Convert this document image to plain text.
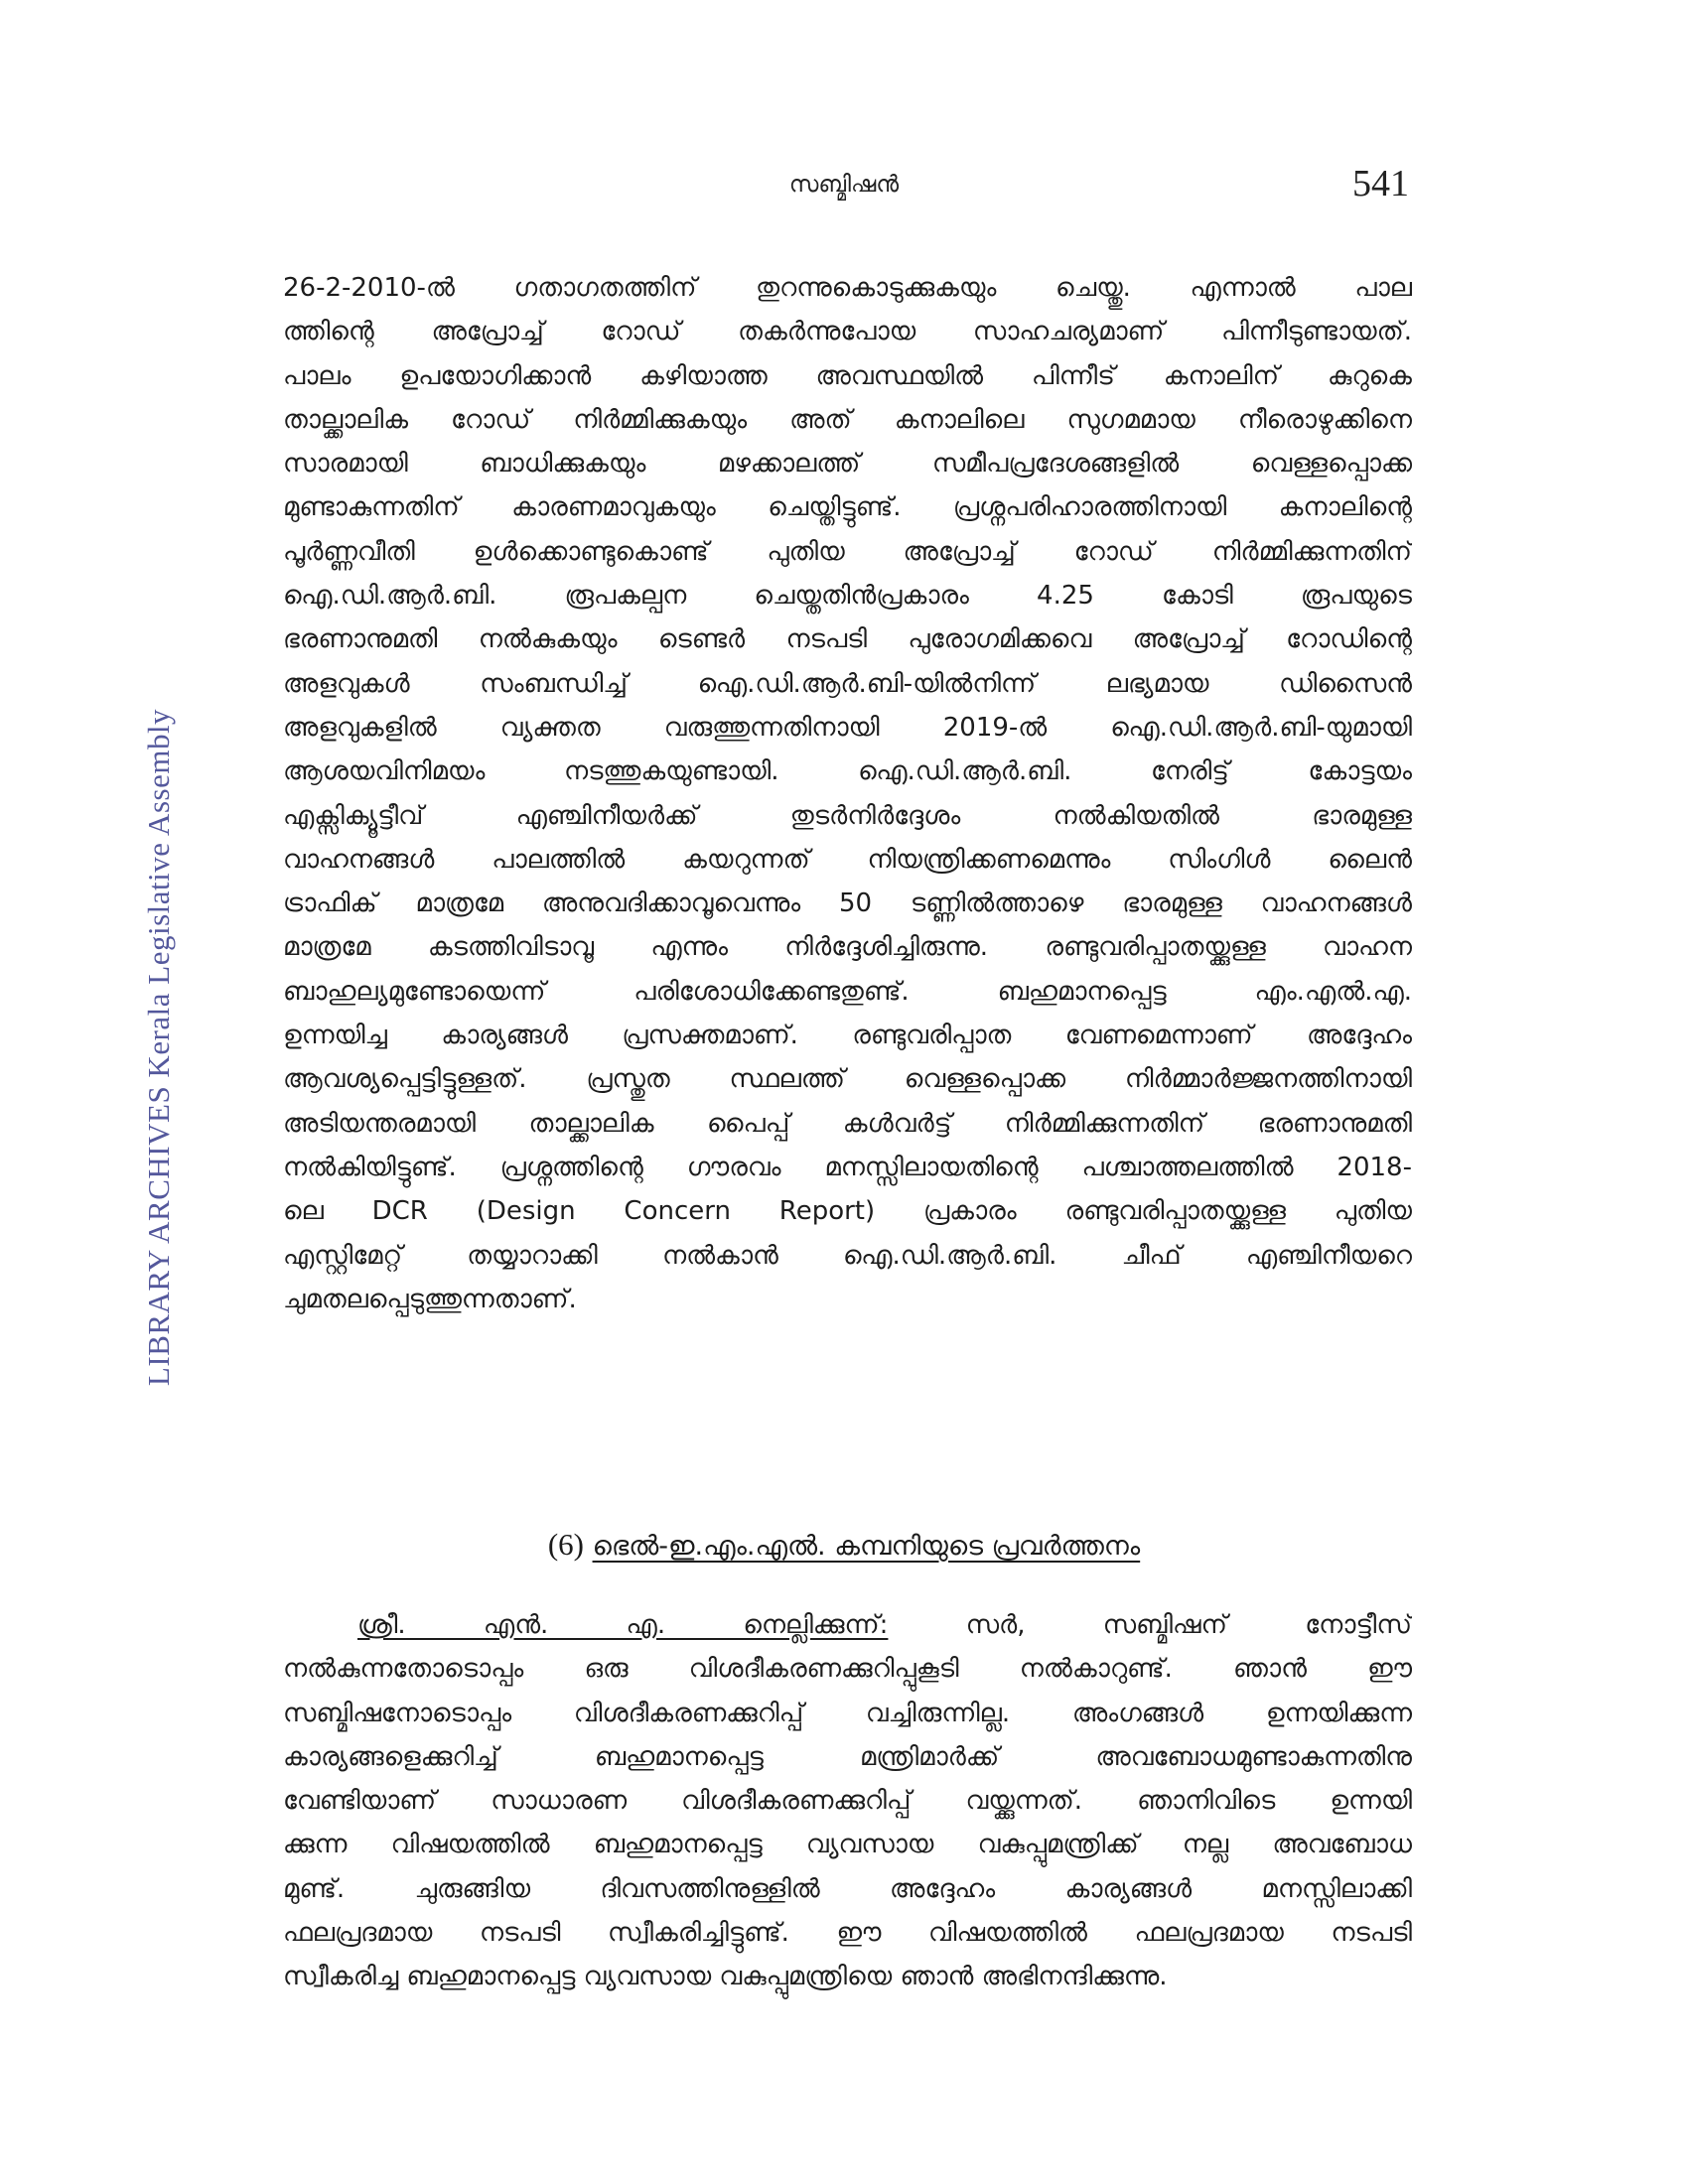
സബ്മിഷൻ	541
LIBRARY ARCHIVES Kerala Legislative Assembly
26-2-2010-ൽ ഗതാഗതത്തിന് തുറന്നുകൊടുക്കുകയും ചെയ്തു. എന്നാൽ പാല
ത്തിന്റെ അപ്രോച്ച് റോഡ് തകർന്നുപോയ സാഹചര്യമാണ് പിന്നീടുണ്ടായത്.
പാലം ഉപയോഗിക്കാൻ കഴിയാത്ത അവസ്ഥയിൽ പിന്നീട് കനാലിന് കുറുകെ
താല്ക്കാലിക റോഡ് നിർമ്മിക്കുകയും അത് കനാലിലെ സുഗമമായ നീരൊഴുക്കിനെ
സാരമായി ബാധിക്കുകയും മഴക്കാലത്ത് സമീപപ്രദേശങ്ങളിൽ വെള്ളപ്പൊക്ക
മുണ്ടാകുന്നതിന് കാരണമാവുകയും ചെയ്തിട്ടുണ്ട്. പ്രശ്നപരിഹാരത്തിനായി കനാലിന്റെ
പൂർണ്ണവീതി ഉൾക്കൊണ്ടുകൊണ്ട് പുതിയ അപ്രോച്ച് റോഡ് നിർമ്മിക്കുന്നതിന്
ഐ.ഡി.ആർ.ബി. രൂപകല്പന ചെയ്തതിൻപ്രകാരം 4.25 കോടി രൂപയുടെ
ഭരണാനുമതി നൽകുകയും ടെണ്ടർ നടപടി പുരോഗമിക്കവെ അപ്രോച്ച് റോഡിന്റെ
അളവുകൾ സംബന്ധിച്ച് ഐ.ഡി.ആർ.ബി-യിൽനിന്ന് ലഭ്യമായ ഡിസൈൻ
അളവുകളിൽ വ്യക്തത വരുത്തുന്നതിനായി 2019-ൽ ഐ.ഡി.ആർ.ബി-യുമായി
ആശയവിനിമയം നടത്തുകയുണ്ടായി. ഐ.ഡി.ആർ.ബി. നേരിട്ട് കോട്ടയം
എക്സിക്യൂട്ടീവ് എഞ്ചിനീയർക്ക് തുടർനിർദ്ദേശം നൽകിയതിൽ ഭാരമുള്ള
വാഹനങ്ങൾ പാലത്തിൽ കയറുന്നത് നിയന്ത്രിക്കണമെന്നും സിംഗിൾ ലൈൻ
ട്രാഫിക് മാത്രമേ അനുവദിക്കാവൂവെന്നും 50 ടണ്ണിൽത്താഴെ ഭാരമുള്ള വാഹനങ്ങൾ
മാത്രമേ കടത്തിവിടാവൂ എന്നും നിർദ്ദേശിച്ചിരുന്നു. രണ്ടുവരിപ്പാതയ്ക്കുള്ള വാഹന
ബാഹുല്യമുണ്ടോയെന്ന് പരിശോധിക്കേണ്ടതുണ്ട്. ബഹുമാനപ്പെട്ട എം.എൽ.എ.
ഉന്നയിച്ച കാര്യങ്ങൾ പ്രസക്തമാണ്. രണ്ടുവരിപ്പാത വേണമെന്നാണ് അദ്ദേഹം
ആവശ്യപ്പെട്ടിട്ടുള്ളത്. പ്രസ്തുത സ്ഥലത്ത് വെള്ളപ്പൊക്ക നിർമ്മാർജ്ജനത്തിനായി
അടിയന്തരമായി താല്ക്കാലിക പൈപ്പ് കൾവർട്ട് നിർമ്മിക്കുന്നതിന് ഭരണാനുമതി
നൽകിയിട്ടുണ്ട്. പ്രശ്നത്തിന്റെ ഗൗരവം മനസ്സിലായതിന്റെ പശ്ചാത്തലത്തിൽ 2018-
ലെ DCR (Design Concern Report) പ്രകാരം രണ്ടുവരിപ്പാതയ്ക്കുള്ള പുതിയ
എസ്റ്റിമേറ്റ് തയ്യാറാക്കി നൽകാൻ ഐ.ഡി.ആർ.ബി. ചീഫ് എഞ്ചിനീയറെ
ചുമതലപ്പെടുത്തുന്നതാണ്.
(6) ഭെൽ-ഇ.എം.എൽ. കമ്പനിയുടെ പ്രവർത്തനം
ശ്രീ. എൻ. എ. നെല്ലിക്കുന്ന്:	സർ, സബ്മിഷന് നോട്ടീസ്
നൽകുന്നതോടൊപ്പം ഒരു വിശദീകരണക്കുറിപ്പുകൂടി നൽകാറുണ്ട്. ഞാൻ ഈ
സബ്മിഷനോടൊപ്പം വിശദീകരണക്കുറിപ്പ് വച്ചിരുന്നില്ല. അംഗങ്ങൾ ഉന്നയിക്കുന്ന
കാര്യങ്ങളെക്കുറിച്ച് ബഹുമാനപ്പെട്ട മന്ത്രിമാർക്ക് അവബോധമുണ്ടാകുന്നതിനു
വേണ്ടിയാണ് സാധാരണ വിശദീകരണക്കുറിപ്പ് വയ്ക്കുന്നത്. ഞാനിവിടെ ഉന്നയി
ക്കുന്ന വിഷയത്തിൽ ബഹുമാനപ്പെട്ട വ്യവസായ വകുപ്പുമന്ത്രിക്ക് നല്ല അവബോധ
മുണ്ട്. ചുരുങ്ങിയ ദിവസത്തിനുള്ളിൽ അദ്ദേഹം കാര്യങ്ങൾ മനസ്സിലാക്കി
ഫലപ്രദമായ നടപടി സ്വീകരിച്ചിട്ടുണ്ട്. ഈ വിഷയത്തിൽ ഫലപ്രദമായ നടപടി
സ്വീകരിച്ച ബഹുമാനപ്പെട്ട വ്യവസായ വകുപ്പുമന്ത്രിയെ ഞാൻ അഭിനന്ദിക്കുന്നു.
